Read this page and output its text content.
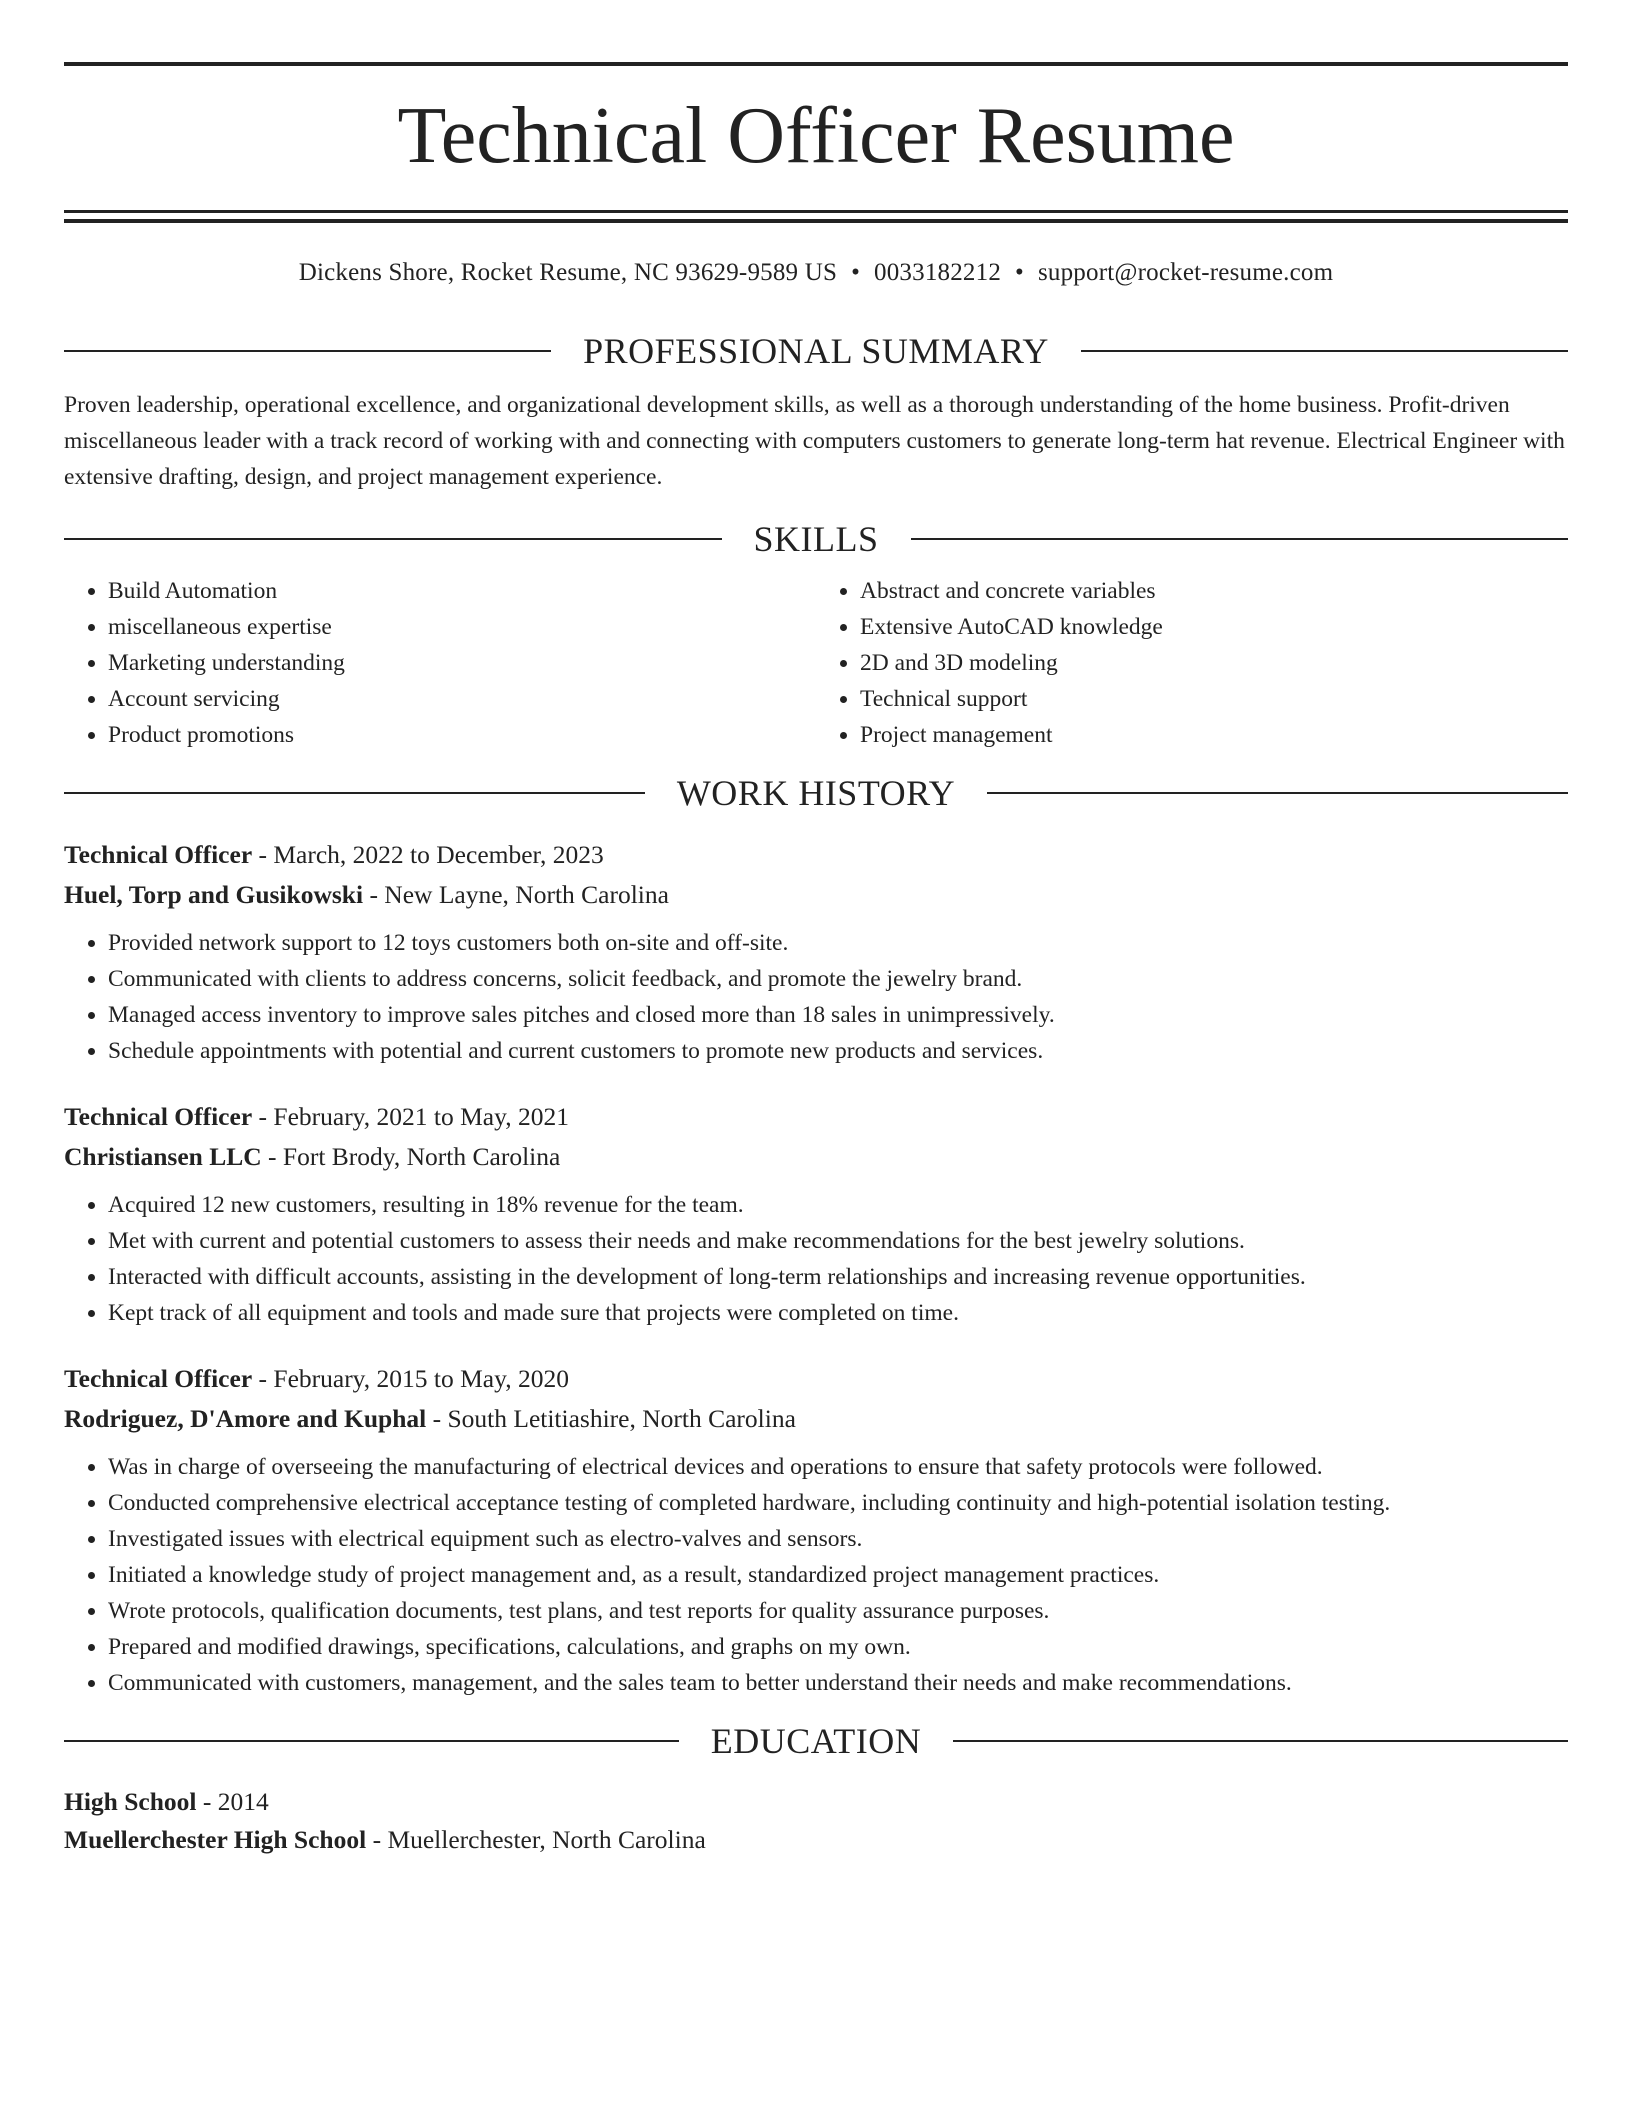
Technical Officer Resume
Dickens Shore, Rocket Resume, NC 93629-9589 US • 0033182212 • support@rocket-resume.com
PROFESSIONAL SUMMARY

Proven leadership, operational excellence, and organizational development skills, as well as a thorough understanding of the home business. Profit-driven miscellaneous leader with a track record of working with and connecting with computers customers to generate long-term hat revenue. Electrical Engineer with extensive drafting, design, and project management experience.

SKILLS
• Build Automation
• miscellaneous expertise
• Marketing understanding
• Account servicing
• Product promotions
• Abstract and concrete variables
• Extensive AutoCAD knowledge
• 2D and 3D modeling
• Technical support
• Project management
WORK HISTORY
Technical Officer - March, 2022 to December, 2023
Huel, Torp and Gusikowski - New Layne, North Carolina
• Provided network support to 12 toys customers both on-site and off-site.
• Communicated with clients to address concerns, solicit feedback, and promote the jewelry brand.
• Managed access inventory to improve sales pitches and closed more than 18 sales in unimpressively.
• Schedule appointments with potential and current customers to promote new products and services.
Technical Officer - February, 2021 to May, 2021
Christiansen LLC - Fort Brody, North Carolina
• Acquired 12 new customers, resulting in 18% revenue for the team.
• Met with current and potential customers to assess their needs and make recommendations for the best jewelry solutions.
• Interacted with difficult accounts, assisting in the development of long-term relationships and increasing revenue opportunities.
• Kept track of all equipment and tools and made sure that projects were completed on time.
Technical Officer - February, 2015 to May, 2020
Rodriguez, D'Amore and Kuphal - South Letitiashire, North Carolina
• Was in charge of overseeing the manufacturing of electrical devices and operations to ensure that safety protocols were followed.
• Conducted comprehensive electrical acceptance testing of completed hardware, including continuity and high-potential isolation testing.
• Investigated issues with electrical equipment such as electro-valves and sensors.
• Initiated a knowledge study of project management and, as a result, standardized project management practices.
• Wrote protocols, qualification documents, test plans, and test reports for quality assurance purposes.
• Prepared and modified drawings, specifications, calculations, and graphs on my own.
• Communicated with customers, management, and the sales team to better understand their needs and make recommendations.
EDUCATION
High School - 2014
Muellerchester High School - Muellerchester, North Carolina
